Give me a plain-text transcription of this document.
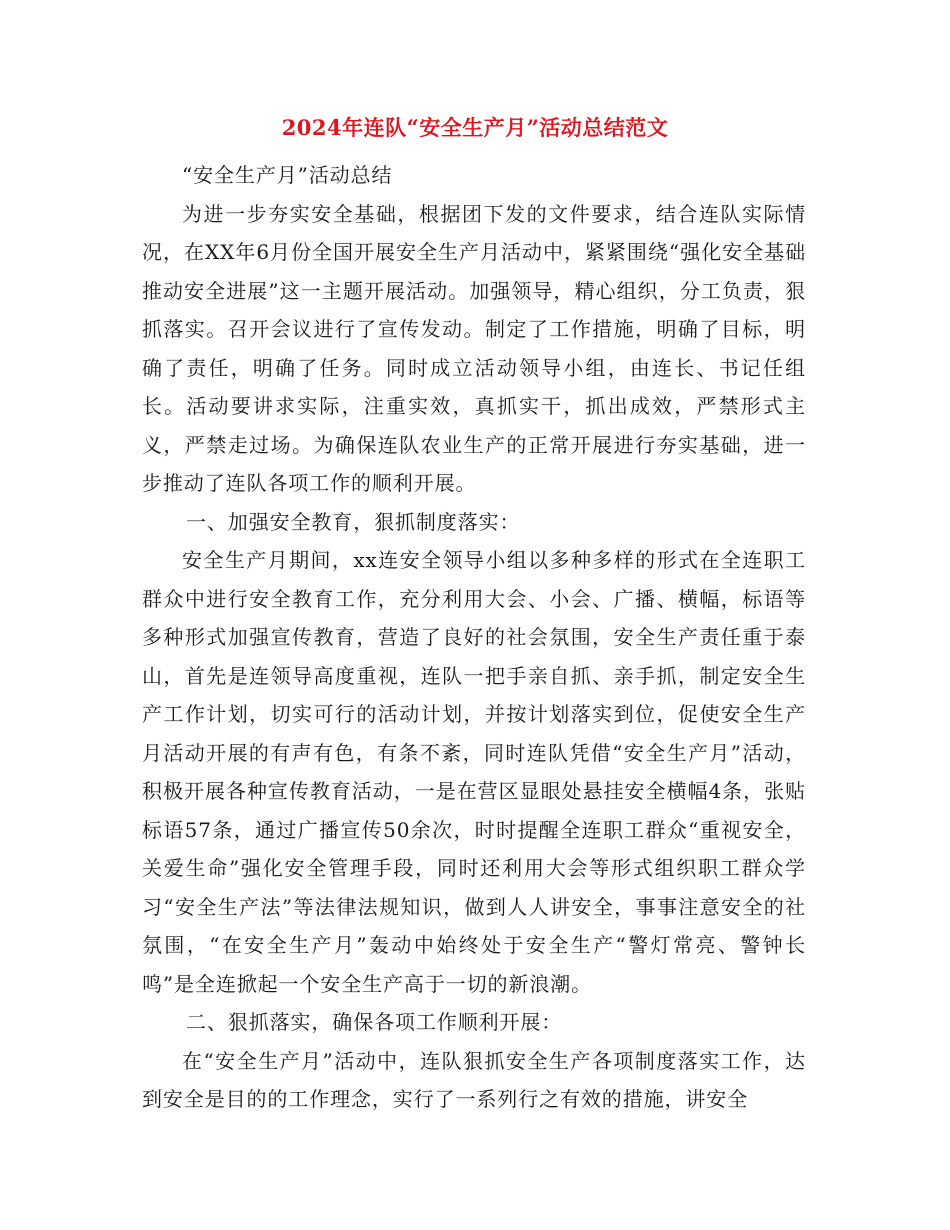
2024年连队“安全生产月”活动总结范文

“安全生产月”活动总结

为进一步夯实安全基础，根据团下发的文件要求，结合连队实际情况，在XX年6月份全国开展安全生产月活动中，紧紧围绕“强化安全基础 推动安全进展”这一主题开展活动。加强领导，精心组织，分工负责，狠抓落实。召开会议进行了宣传发动。制定了工作措施，明确了目标，明确了责任，明确了任务。同时成立活动领导小组，由连长、书记任组长。活动要讲求实际，注重实效，真抓实干，抓出成效，严禁形式主义，严禁走过场。为确保连队农业生产的正常开展进行夯实基础，进一步推动了连队各项工作的顺利开展。

一、加强安全教育，狠抓制度落实：

安全生产月期间，xx连安全领导小组以多种多样的形式在全连职工群众中进行安全教育工作，充分利用大会、小会、广播、横幅，标语等多种形式加强宣传教育，营造了良好的社会氛围，安全生产责任重于泰山，首先是连领导高度重视，连队一把手亲自抓、亲手抓，制定安全生产工作计划，切实可行的活动计划，并按计划落实到位，促使安全生产月活动开展的有声有色，有条不紊，同时连队凭借“安全生产月”活动，积极开展各种宣传教育活动，一是在营区显眼处悬挂安全横幅4条，张贴标语57条，通过广播宣传50余次，时时提醒全连职工群众“重视安全，关爱生命”强化安全管理手段，同时还利用大会等形式组织职工群众学习“安全生产法”等法律法规知识，做到人人讲安全，事事注意安全的社氛围，“在安全生产月”轰动中始终处于安全生产“警灯常亮、警钟长鸣”是全连掀起一个安全生产高于一切的新浪潮。

二、狠抓落实，确保各项工作顺利开展：

在“安全生产月”活动中，连队狠抓安全生产各项制度落实工作，达到安全是目的的工作理念，实行了一系列行之有效的措施，讲安全
